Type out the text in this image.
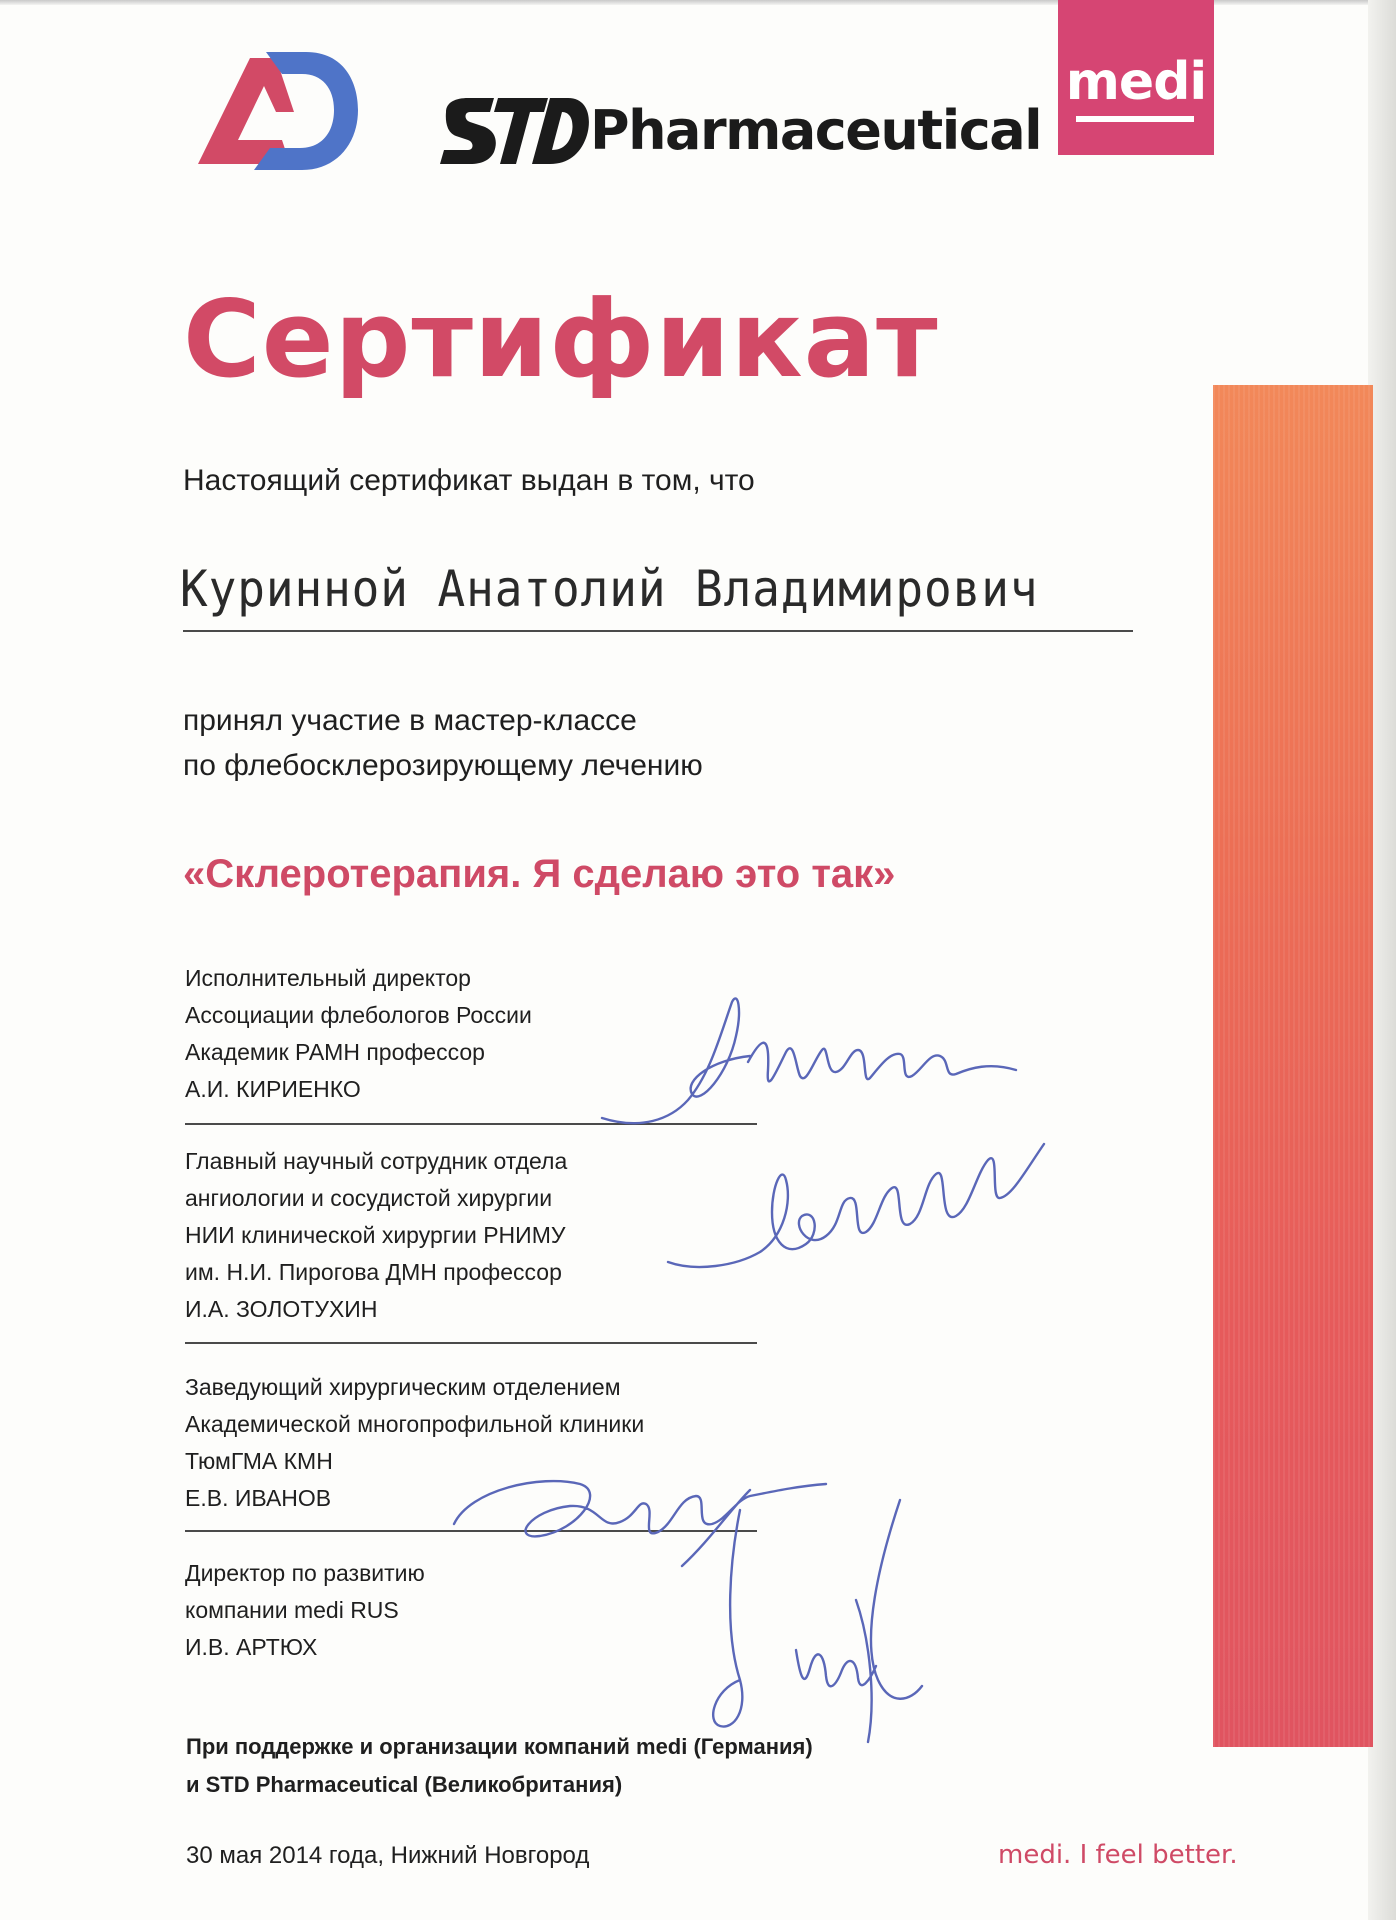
Pharmaceutical
medi
Сертификат
Настоящий сертификат выдан в том, что
Куринной Анатолий Владимирович
принял участие в мастер-классе
по флебосклерозирующему лечению
«Склеротерапия. Я сделаю это так»
Исполнительный директор
Ассоциации флебологов России
Академик РАМН профессор
А.И. КИРИЕНКО
Главный научный сотрудник отдела
ангиологии и сосудистой хирургии
НИИ клинической хирургии РНИМУ
им. Н.И. Пирогова ДМН профессор
И.А. ЗОЛОТУХИН
Заведующий хирургическим отделением
Академической многопрофильной клиники
ТюмГМА КМН
Е.В. ИВАНОВ
Директор по развитию
компании medi RUS
И.В. АРТЮХ
При поддержке и организации компаний medi (Германия)
и STD Pharmaceutical (Великобритания)
30 мая 2014 года, Нижний Новгород	medi. I feel better.
